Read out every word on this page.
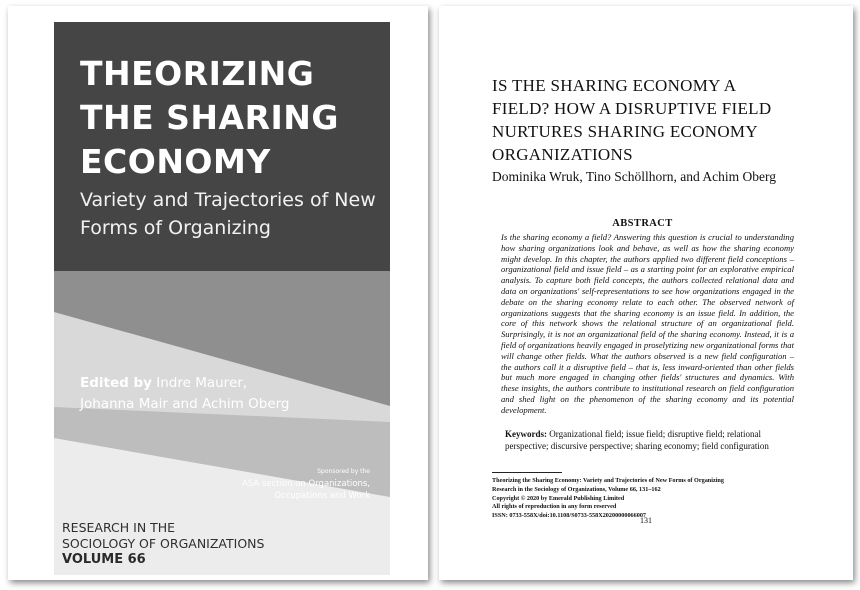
THEORIZING
THE SHARING
ECONOMY
Variety and Trajectories of New
Forms of Organizing
Edited by Indre Maurer,
Johanna Mair and Achim Oberg
Sponsored by the
ASA section on Organizations,
Occupations and Work
RESEARCH IN THE
SOCIOLOGY OF ORGANIZATIONS
VOLUME 66
IS THE SHARING ECONOMY A
FIELD? HOW A DISRUPTIVE FIELD
NURTURES SHARING ECONOMY
ORGANIZATIONS
Dominika Wruk, Tino Schöllhorn, and Achim Oberg
ABSTRACT
Is the sharing economy a field? Answering this question is crucial to understanding how sharing organizations look and behave, as well as how the sharing economy might develop. In this chapter, the authors applied two different field conceptions – organizational field and issue field – as a starting point for an explorative empirical analysis. To capture both field concepts, the authors collected relational data and data on organizations' self-representations to see how organizations engaged in the debate on the sharing economy relate to each other. The observed network of organizations suggests that the sharing economy is an issue field. In addition, the core of this network shows the relational structure of an organizational field. Surprisingly, it is not an organizational field of the sharing economy. Instead, it is a field of organizations heavily engaged in proselytizing new organizational forms that will change other fields. What the authors observed is a new field configuration – the authors call it a disruptive field – that is, less inward-oriented than other fields but much more engaged in changing other fields' structures and dynamics. With these insights, the authors contribute to institutional research on field configuration and shed light on the phenomenon of the sharing economy and its potential development.
Keywords: Organizational field; issue field; disruptive field; relational perspective; discursive perspective; sharing economy; field configuration
Theorizing the Sharing Economy: Variety and Trajectories of New Forms of Organizing
Research in the Sociology of Organizations, Volume 66, 131–162
Copyright © 2020 by Emerald Publishing Limited
All rights of reproduction in any form reserved
ISSN: 0733-558X/doi:10.1108/S0733-558X20200000066007
131
